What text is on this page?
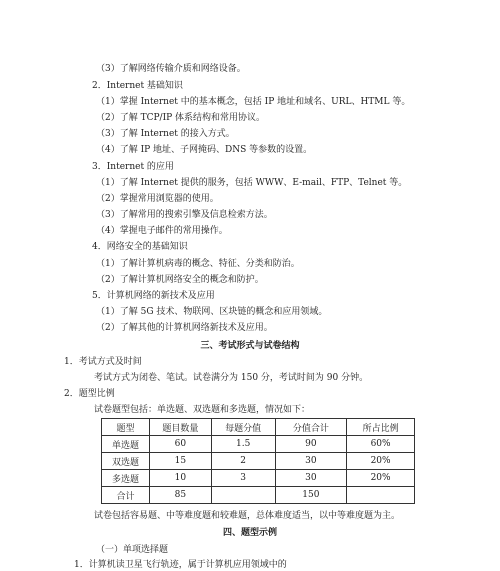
（3）了解网络传输介质和网络设备。
2．Internet 基础知识
（1）掌握 Internet 中的基本概念，包括 IP 地址和域名、URL、HTML 等。
（2）了解 TCP/IP 体系结构和常用协议。
（3）了解 Internet 的接入方式。
（4）了解 IP 地址、子网掩码、DNS 等参数的设置。
3．Internet 的应用
（1）了解 Internet 提供的服务，包括 WWW、E-mail、FTP、Telnet 等。
（2）掌握常用浏览器的使用。
（3）了解常用的搜索引擎及信息检索方法。
（4）掌握电子邮件的常用操作。
4．网络安全的基础知识
（1）了解计算机病毒的概念、特征、分类和防治。
（2）了解计算机网络安全的概念和防护。
5．计算机网络的新技术及应用
（1）了解 5G 技术、物联网、区块链的概念和应用领域。
（2）了解其他的计算机网络新技术及应用。
三、考试形式与试卷结构
1．考试方式及时间
考试方式为闭卷、笔试。试卷满分为 150 分，考试时间为 90 分钟。
2．题型比例
试卷题型包括：单选题、双选题和多选题，情况如下：
题型	题目数量	每题分值	分值合计	所占比例
单选题	60	1.5	90	60%
双选题	15	2	30	20%
多选题	10	3	30	20%
合计	85		150	
试卷包括容易题、中等难度题和较难题，总体难度适当，以中等难度题为主。
四、题型示例
（一）单项选择题
1．计算机读卫星飞行轨迹，属于计算机应用领域中的
